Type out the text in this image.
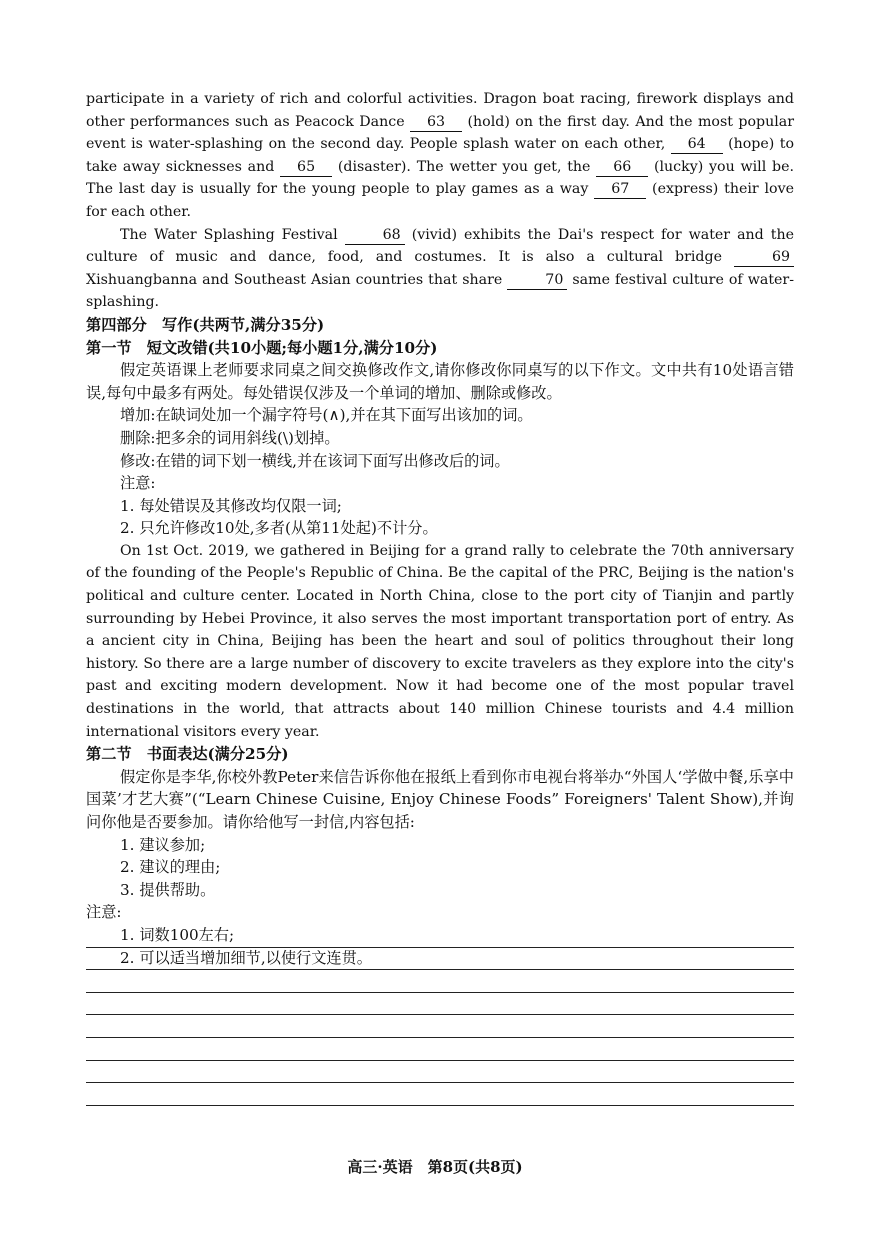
participate in a variety of rich and colorful activities. Dragon boat racing, firework displays and other performances such as Peacock Dance 63 (hold) on the first day. And the most popular event is water-splashing on the second day. People splash water on each other, 64 (hope) to take away sicknesses and 65 (disaster). The wetter you get, the 66 (lucky) you will be. The last day is usually for the young people to play games as a way 67 (express) their love for each other.
The Water Splashing Festival	68 (vivid) exhibits the Dai's respect for water and the culture of music and dance, food, and costumes. It is also a cultural bridge	69 Xishuangbanna and Southeast Asian countries that share	70 same festival culture of water-splashing.
第四部分　写作(共两节,满分35分)
第一节　短文改错(共10小题;每小题1分,满分10分)
假定英语课上老师要求同桌之间交换修改作文,请你修改你同桌写的以下作文。文中共有10处语言错误,每句中最多有两处。每处错误仅涉及一个单词的增加、删除或修改。
增加:在缺词处加一个漏字符号(∧),并在其下面写出该加的词。
删除:把多余的词用斜线(\)划掉。
修改:在错的词下划一横线,并在该词下面写出修改后的词。
注意:
1. 每处错误及其修改均仅限一词;
2. 只允许修改10处,多者(从第11处起)不计分。
On 1st Oct. 2019, we gathered in Beijing for a grand rally to celebrate the 70th anniversary of the founding of the People's Republic of China. Be the capital of the PRC, Beijing is the nation's political and culture center. Located in North China, close to the port city of Tianjin and partly surrounding by Hebei Province, it also serves the most important transportation port of entry. As a ancient city in China, Beijing has been the heart and soul of politics throughout their long history. So there are a large number of discovery to excite travelers as they explore into the city's past and exciting modern development. Now it had become one of the most popular travel destinations in the world, that attracts about 140 million Chinese tourists and 4.4 million international visitors every year.
第二节　书面表达(满分25分)
假定你是李华,你校外教Peter来信告诉你他在报纸上看到你市电视台将举办“外国人‘学做中餐,乐享中国菜’才艺大赛”(“Learn Chinese Cuisine, Enjoy Chinese Foods” Foreigners' Talent Show),并询问你他是否要参加。请你给他写一封信,内容包括:
1. 建议参加;
2. 建议的理由;
3. 提供帮助。
注意:
1. 词数100左右;
2. 可以适当增加细节,以使行文连贯。
高三·英语　第8页(共8页)
